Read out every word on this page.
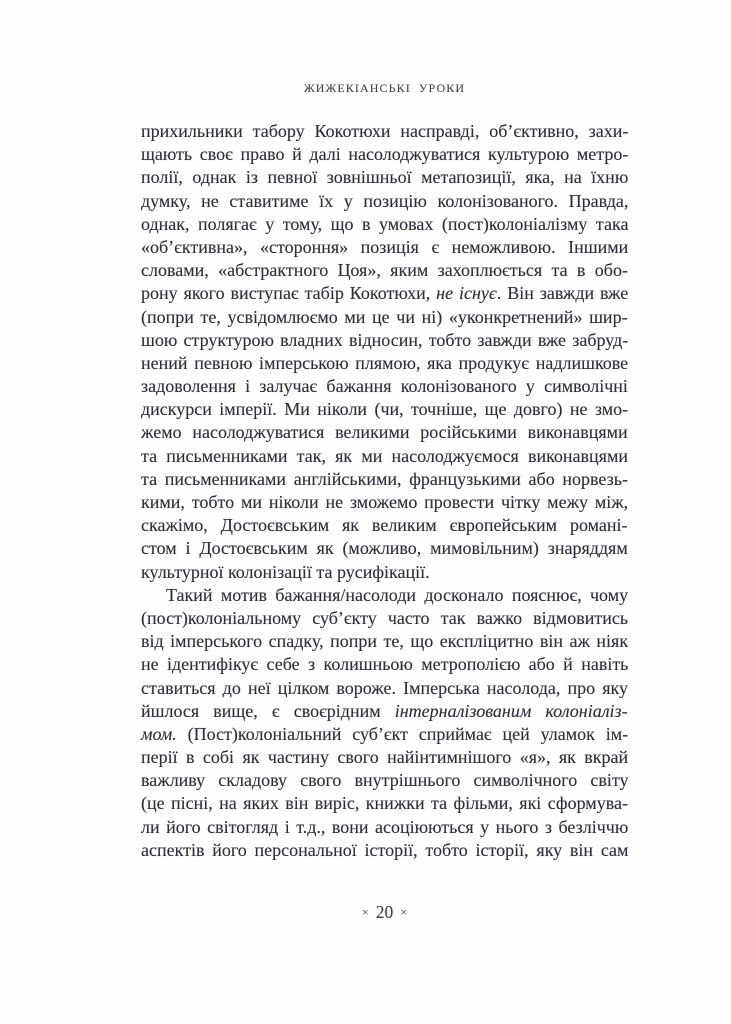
ЖИЖЕКІАНСЬКІ УРОКИ
прихильники табору Кокотюхи насправді, об’єктивно, захи-
щають своє право й далі насолоджуватися культурою метро-
полії, однак із певної зовнішньої метапозиції, яка, на їхню
думку, не ставитиме їх у позицію колонізованого. Правда,
однак, полягає у тому, що в умовах (пост)колоніалізму така
«об’єктивна», «стороння» позиція є неможливою. Іншими
словами, «абстрактного Цоя», яким захоплюється та в обо-
рону якого виступає табір Кокотюхи, не існує. Він завжди вже
(попри те, усвідомлюємо ми це чи ні) «уконкретнений» шир-
шою структурою владних відносин, тобто завжди вже забруд-
нений певною імперською плямою, яка продукує надлишкове
задоволення і залучає бажання колонізованого у символічні
дискурси імперії. Ми ніколи (чи, точніше, ще довго) не змо-
жемо насолоджуватися великими російськими виконавцями
та письменниками так, як ми насолоджуємося виконавцями
та письменниками англійськими, французькими або норвезь-
кими, тобто ми ніколи не зможемо провести чітку межу між,
скажімо, Достоєвським як великим європейським романі-
стом і Достоєвським як (можливо, мимовільним) знаряддям
культурної колонізації та русифікації.
Такий мотив бажання/насолоди досконало пояснює, чому
(пост)колоніальному суб’єкту часто так важко відмовитись
від імперського спадку, попри те, що експліцитно він аж ніяк
не ідентифікує себе з колишньою метрополією або й навіть
ставиться до неї цілком вороже. Імперська насолода, про яку
йшлося вище, є своєрідним інтерналізованим колоніаліз-
мом. (Пост)колоніальний суб’єкт сприймає цей уламок ім-
перії в собі як частину свого найінтимнішого «я», як вкрай
важливу складову свого внутрішнього символічного світу
(це пісні, на яких він виріс, книжки та фільми, які сформува-
ли його світогляд і т.д., вони асоціюються у нього з безліччю
аспектів його персональної історії, тобто історії, яку він сам
× 20 ×
